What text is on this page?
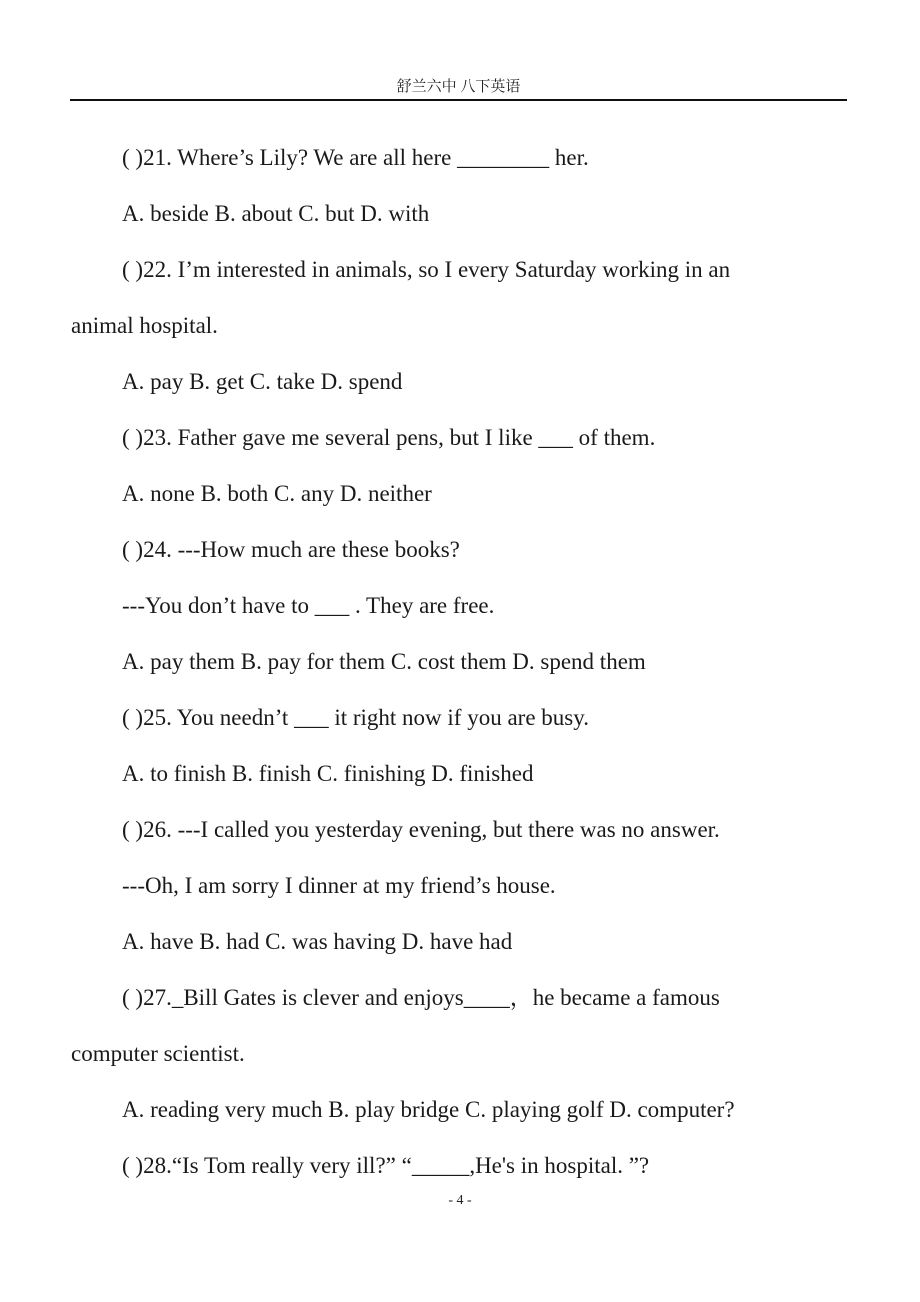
舒兰六中 八下英语
( )21. Where’s Lily? We are all here ________ her.
A. beside B. about C. but D. with
( )22. I’m interested in animals, so I every Saturday working in an
animal hospital.
A. pay B. get C. take D. spend
( )23. Father gave me several pens, but I like ___ of them.
A. none B. both C. any D. neither
( )24. ---How much are these books?
---You don’t have to ___ . They are free.
A. pay them B. pay for them C. cost them D. spend them
( )25. You needn’t ___ it right now if you are busy.
A. to finish B. finish C. finishing D. finished
( )26. ---I called you yesterday evening, but there was no answer.
---Oh, I am sorry I dinner at my friend’s house.
A. have B. had C. was having D. have had
( )27._Bill Gates is clever and enjoys____，he became a famous
computer scientist.
A. reading very much B. play bridge C. playing golf D. computer?
( )28.“Is Tom really very ill?” “_____,He's in hospital. ”?
- 4 -
